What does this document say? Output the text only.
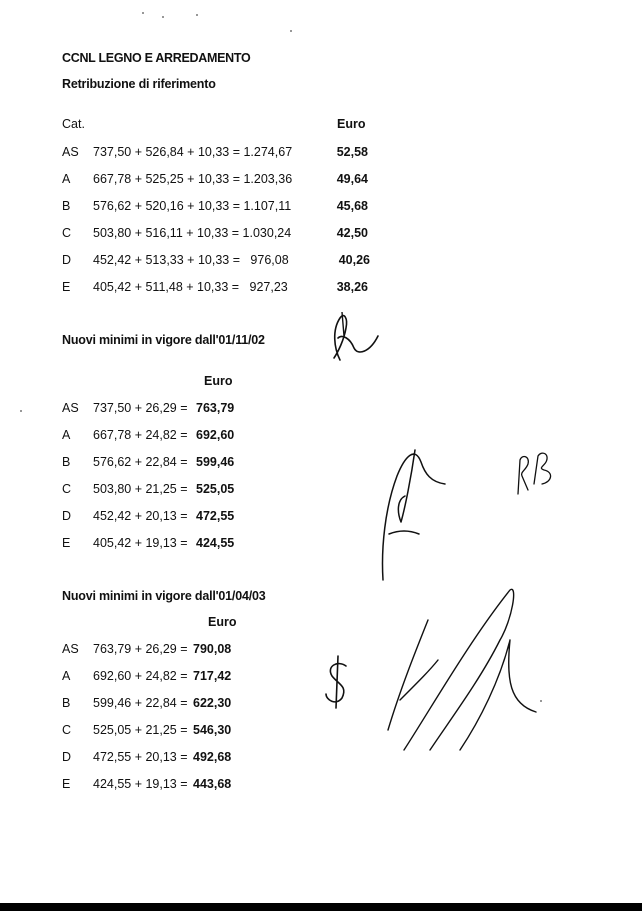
CCNL LEGNO E ARREDAMENTO
Retribuzione di riferimento
Cat.	Euro
AS 737,50 + 526,84 + 10,33 = 1.274,67	52,58
A 667,78 + 525,25 + 10,33 = 1.203,36	49,64
B 576,62 + 520,16 + 10,33 = 1.107,11	45,68
C 503,80 + 516,11 + 10,33 = 1.030,24	42,50
D 452,42 + 513,33 + 10,33 =   976,08	40,26
E 405,42 + 511,48 + 10,33 =   927,23	38,26
Nuovi minimi in vigore dall'01/11/02
Euro
AS 737,50 + 26,29 = 763,79
A 667,78 + 24,82 = 692,60
B 576,62 + 22,84 = 599,46
C 503,80 + 21,25 = 525,05
D 452,42 + 20,13 = 472,55
E 405,42 + 19,13 = 424,55
Nuovi minimi in vigore dall'01/04/03
Euro
AS 763,79 + 26,29 = 790,08
A 692,60 + 24,82 = 717,42
B 599,46 + 22,84 = 622,30
C 525,05 + 21,25 = 546,30
D 472,55 + 20,13 = 492,68
E 424,55 + 19,13 = 443,68
